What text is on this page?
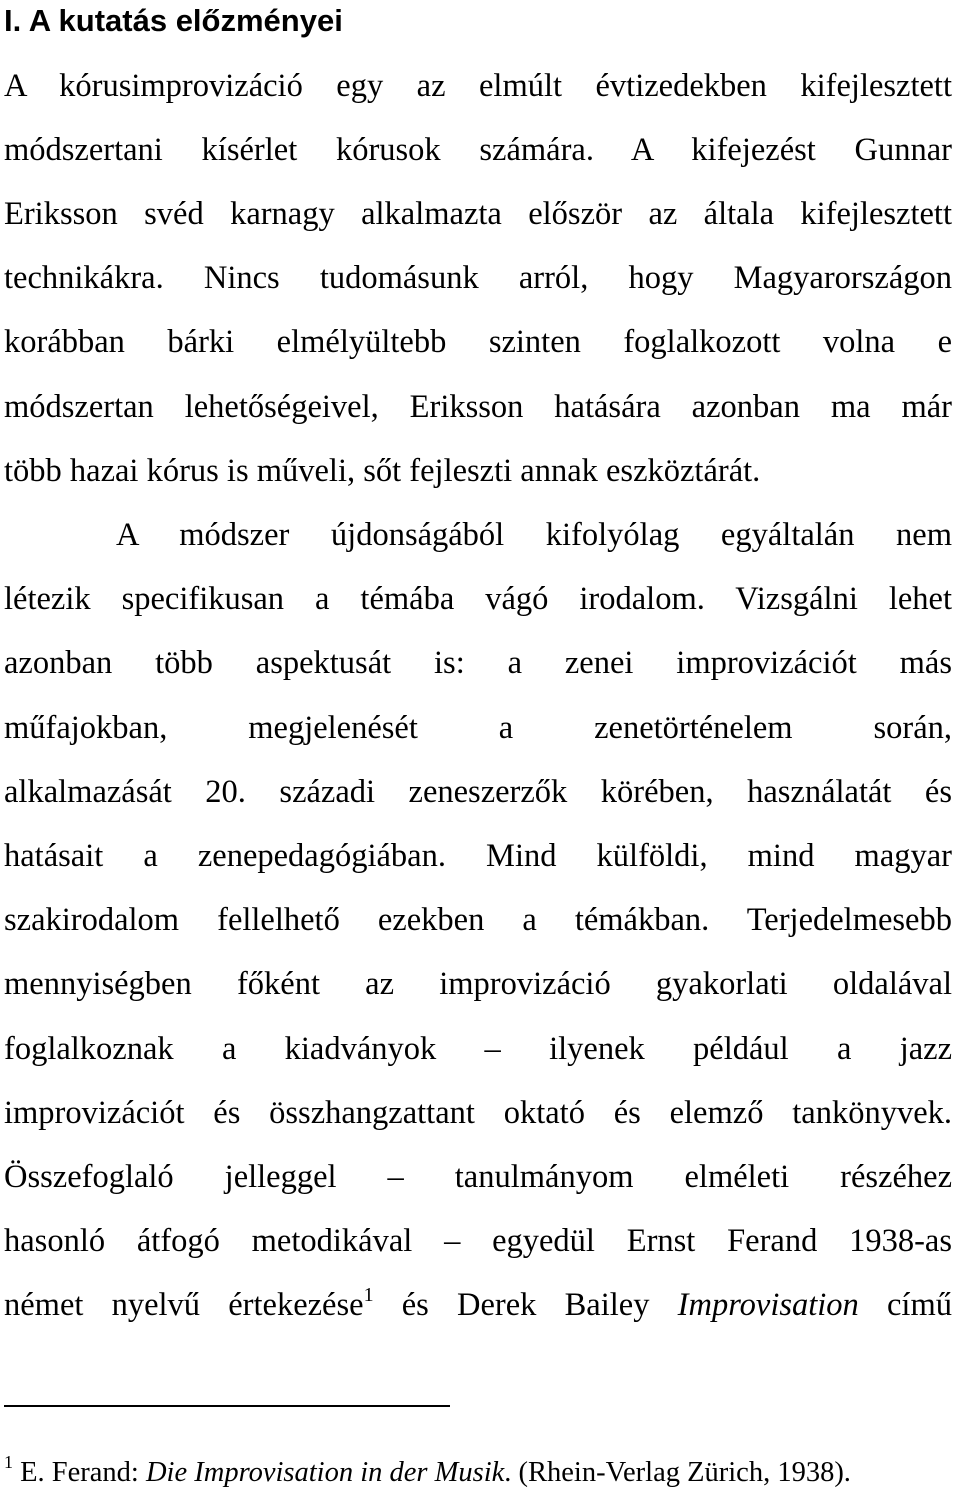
I. A kutatás előzményei
A kórusimprovizáció egy az elmúlt évtizedekben kifejlesztett
módszertani kísérlet kórusok számára. A kifejezést Gunnar
Eriksson svéd karnagy alkalmazta először az általa kifejlesztett
technikákra. Nincs tudomásunk arról, hogy Magyarországon
korábban bárki elmélyültebb szinten foglalkozott volna e
módszertan lehetőségeivel, Eriksson hatására azonban ma már
több hazai kórus is műveli, sőt fejleszti annak eszköztárát.
A módszer újdonságából kifolyólag egyáltalán nem
létezik specifikusan a témába vágó irodalom. Vizsgálni lehet
azonban több aspektusát is: a zenei improvizációt más
műfajokban, megjelenését a zenetörténelem során,
alkalmazását 20. századi zeneszerzők körében, használatát és
hatásait a zenepedagógiában. Mind külföldi, mind magyar
szakirodalom fellelhető ezekben a témákban. Terjedelmesebb
mennyiségben főként az improvizáció gyakorlati oldalával
foglalkoznak a kiadványok – ilyenek például a jazz
improvizációt és összhangzattant oktató és elemző tankönyvek.
Összefoglaló jelleggel – tanulmányom elméleti részéhez
hasonló átfogó metodikával – egyedül Ernst Ferand 1938-as
német nyelvű értekezése$^1$ és Derek Bailey Improvisation című
$^1$ E. Ferand: Die Improvisation in der Musik. (Rhein-Verlag Zürich, 1938).
